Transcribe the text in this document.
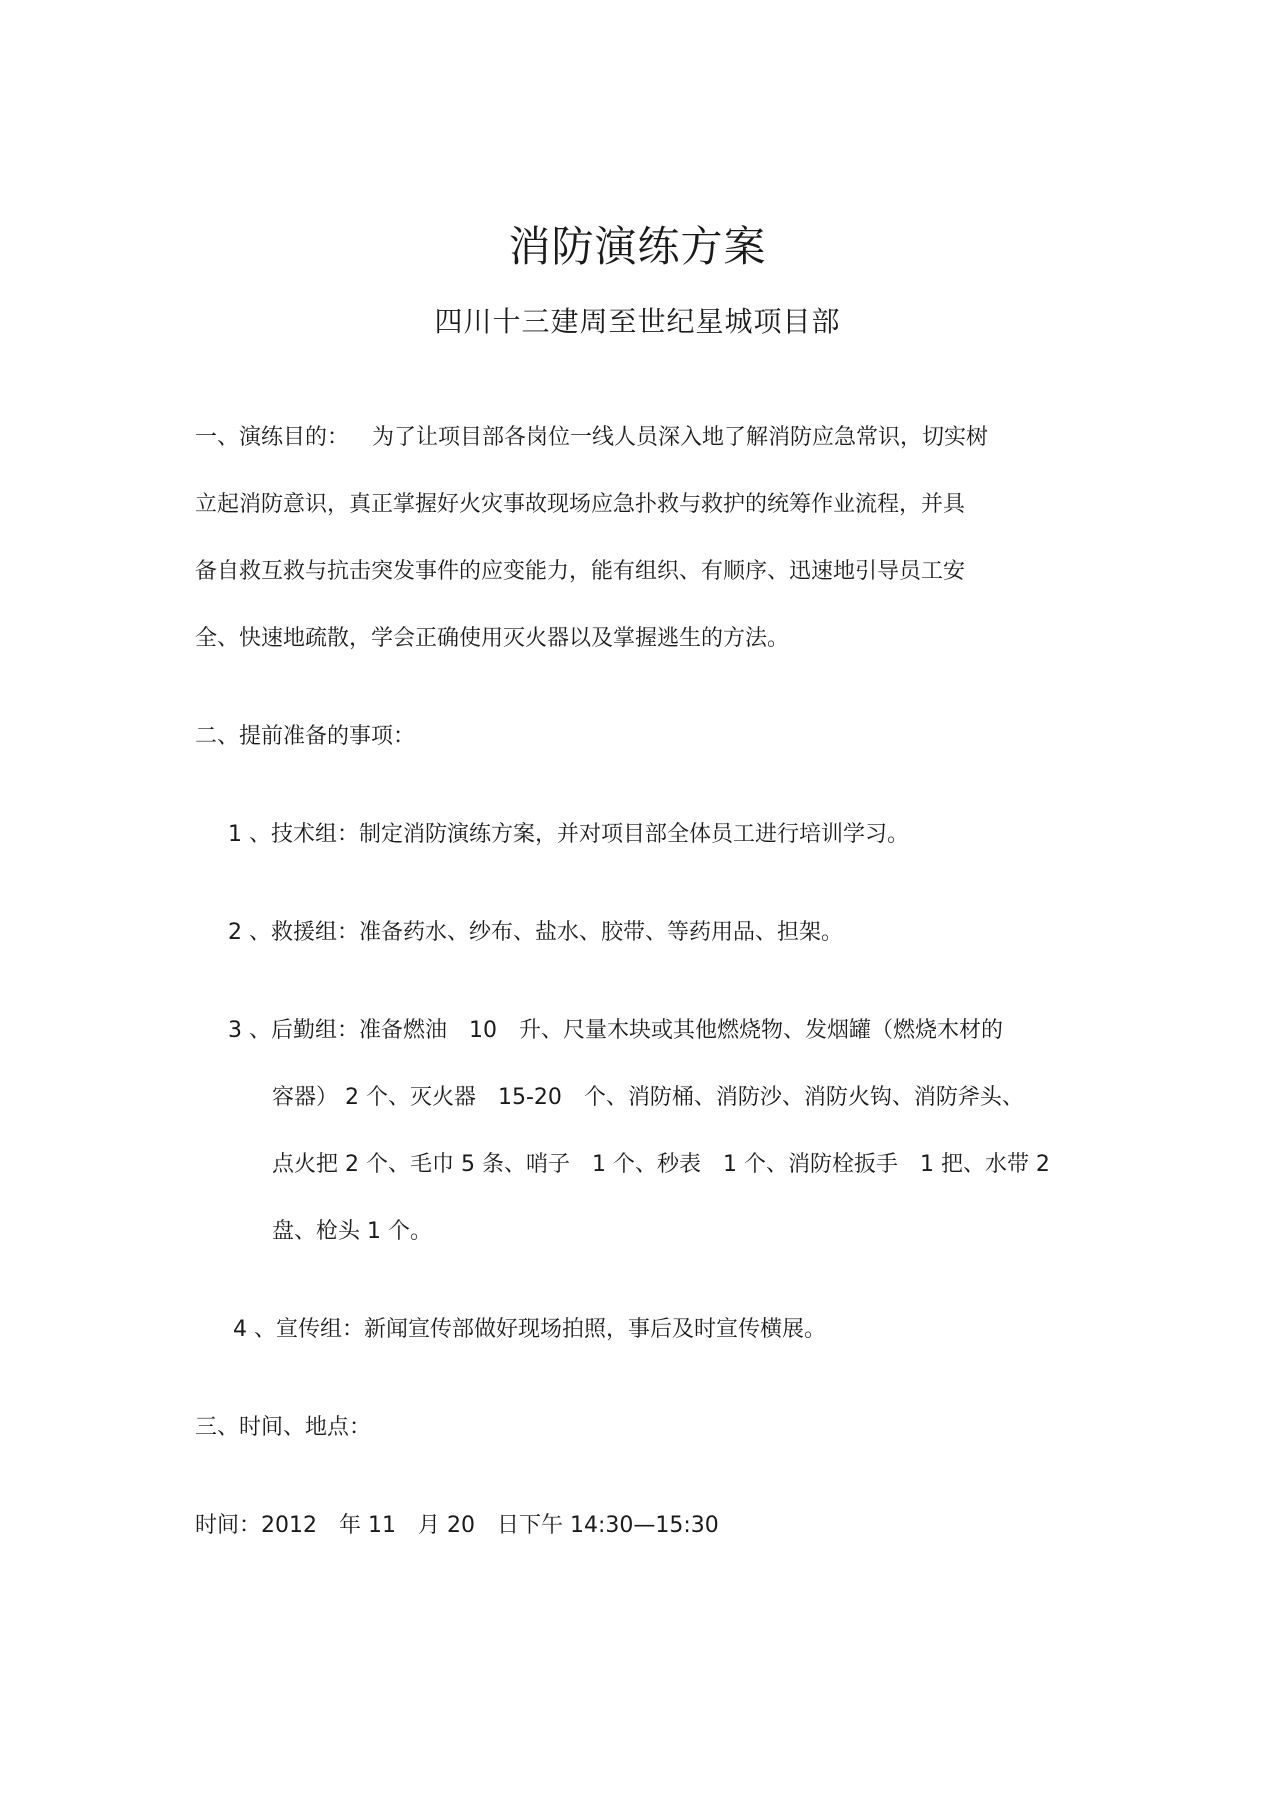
消防演练方案
四川十三建周至世纪星城项目部
一、演练目的： 为了让项目部各岗位一线人员深入地了解消防应急常识，切实树
立起消防意识，真正掌握好火灾事故现场应急扑救与救护的统筹作业流程，并具
备自救互救与抗击突发事件的应变能力，能有组织、有顺序、迅速地引导员工安
全、快速地疏散，学会正确使用灭火器以及掌握逃生的方法。
二、提前准备的事项：
1 、技术组：制定消防演练方案，并对项目部全体员工进行培训学习。
2 、救援组：准备药水、纱布、盐水、胶带、等药用品、担架。
3 、后勤组：准备燃油　10　升、尺量木块或其他燃烧物、发烟罐（燃烧木材的
容器） 2 个、灭火器　15-20　个、消防桶、消防沙、消防火钩、消防斧头、
点火把 2 个、毛巾 5 条、哨子　1 个、秒表　1 个、消防栓扳手　1 把、水带 2
盘、枪头 1 个。
4 、宣传组：新闻宣传部做好现场拍照，事后及时宣传横展。
三、时间、地点：
时间：2012　年 11　月 20　日下午 14:30—15:30
